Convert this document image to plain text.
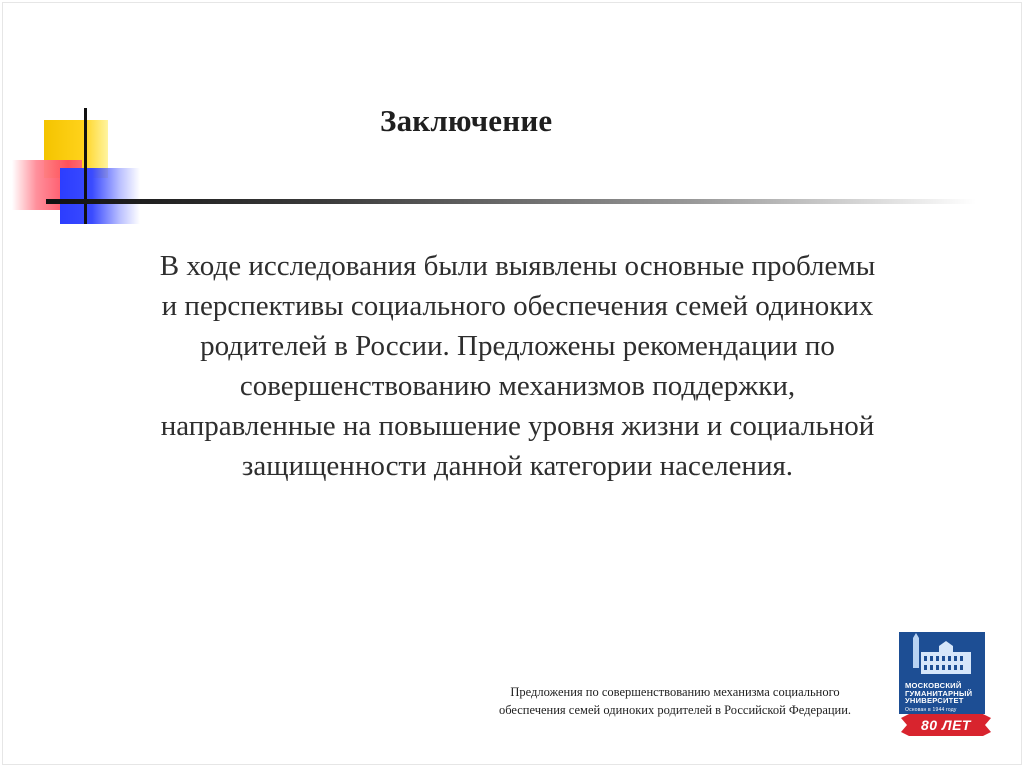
Заключение
В ходе исследования были выявлены основные проблемы
и перспективы социального обеспечения семей одиноких
родителей в России. Предложены рекомендации по
совершенствованию механизмов поддержки,
направленные на повышение уровня жизни и социальной
защищенности данной категории населения.
Предложения по совершенствованию механизма социального
обеспечения семей одиноких родителей в Российской Федерации.
МОСКОВСКИЙ
ГУМАНИТАРНЫЙ
УНИВЕРСИТЕТ
Основан в 1944 году
80 ЛЕТ
